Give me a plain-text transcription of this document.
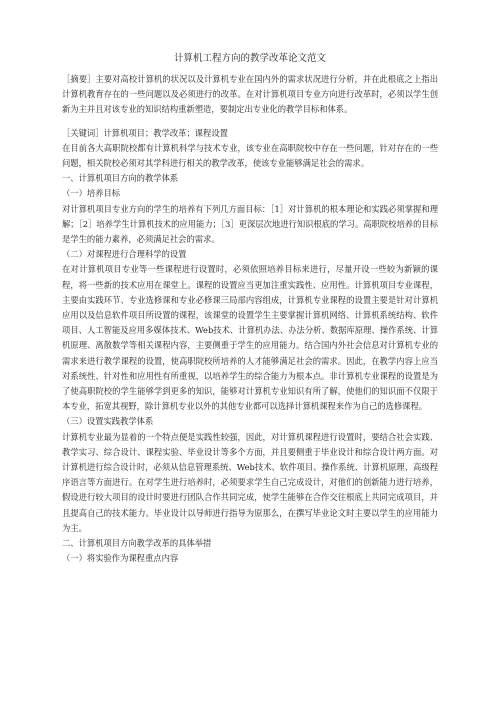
计算机工程方向的教学改革论文范文

［摘要］主要对高校计算机的状况以及计算机专业在国内外的需求状况进行分析，并在此根底之上指出计算机教育存在的一些问题以及必须进行的改革。在对计算机项目专业方向进行改革时，必须以学生创新为主并且对该专业的知识结构重新塑造，要制定出专业化的教学目标和体系。

［关键词］计算机项目；教学改革；课程设置

在目前各大高职院校都有计算机科学与技术专业，该专业在高职院校中存在一些问题，针对存在的一些问题，相关院校必须对其学科进行相关的教学改革，使该专业能够满足社会的需求。

一、计算机项目方向的教学体系

（一）培养目标

对计算机项目专业方向的学生的培养有下列几方面目标：［1］对计算机的根本理论和实践必须掌握和理解；［2］培养学生计算机技术的应用能力；［3］更深层次地进行知识根底的学习。高职院校培养的目标是学生的能力素养，必须满足社会的需求。

（二）对课程进行合理科学的设置

在对计算机项目专业等一些课程进行设置时，必须依照培养目标来进行，尽量开设一些较为新颖的课程，将一些新的技术应用在课堂上。课程的设置应当更加注重实践性、应用性。计算机项目专业课程，主要由实践环节、专业选修课和专业必修课三局部内容组成，计算机专业课程的设置主要是针对计算机应用以及信息软件项目所设置的课程，该课堂的设置学生主要掌握计算机网络、计算机系统结构、软件项目、人工智能及应用多媒体技术、Web技术、计算机办法、办法分析、数据库原理、操作系统、计算机原理、离散数学等相关课程内容，主要侧重于学生的应用能力。结合国内外社会信息对计算机专业的需求来进行教学课程的设置，使高职院校所培养的人才能够满足社会的需求。因此，在教学内容上应当对系统性、针对性和应用性有所重视，以培养学生的综合能力为根本点。非计算机专业课程的设置是为了使高职院校的学生能够学到更多的知识，能够对计算机专业知识有所了解，使他们的知识面不仅限于本专业，拓宽其视野，除计算机专业以外的其他专业都可以选择计算机课程来作为自己的选修课程。

（三）设置实践教学体系

计算机专业最为显着的一个特点便是实践性较强，因此，对计算机课程进行设置时，要结合社会实践、教学实习、综合设计、课程实验、毕业设计等多个方面，并且要侧重于毕业设计和综合设计两方面。对计算机进行综合设计时，必须从信息管理系统、Web技术、软件项目、操作系统、计算机原理、高级程序语言等方面进行。在对学生进行培养时，必须要求学生自己完成设计，对他们的创新能力进行培养，假设进行较大项目的设计时要进行团队合作共同完成，使学生能够在合作交往根底上共同完成项目，并且提高自己的技术能力。毕业设计以导师进行指导为原那么，在撰写毕业论文时主要以学生的应用能力为主。

二、计算机项目方向教学改革的具体举措

（一）将实验作为课程重点内容
